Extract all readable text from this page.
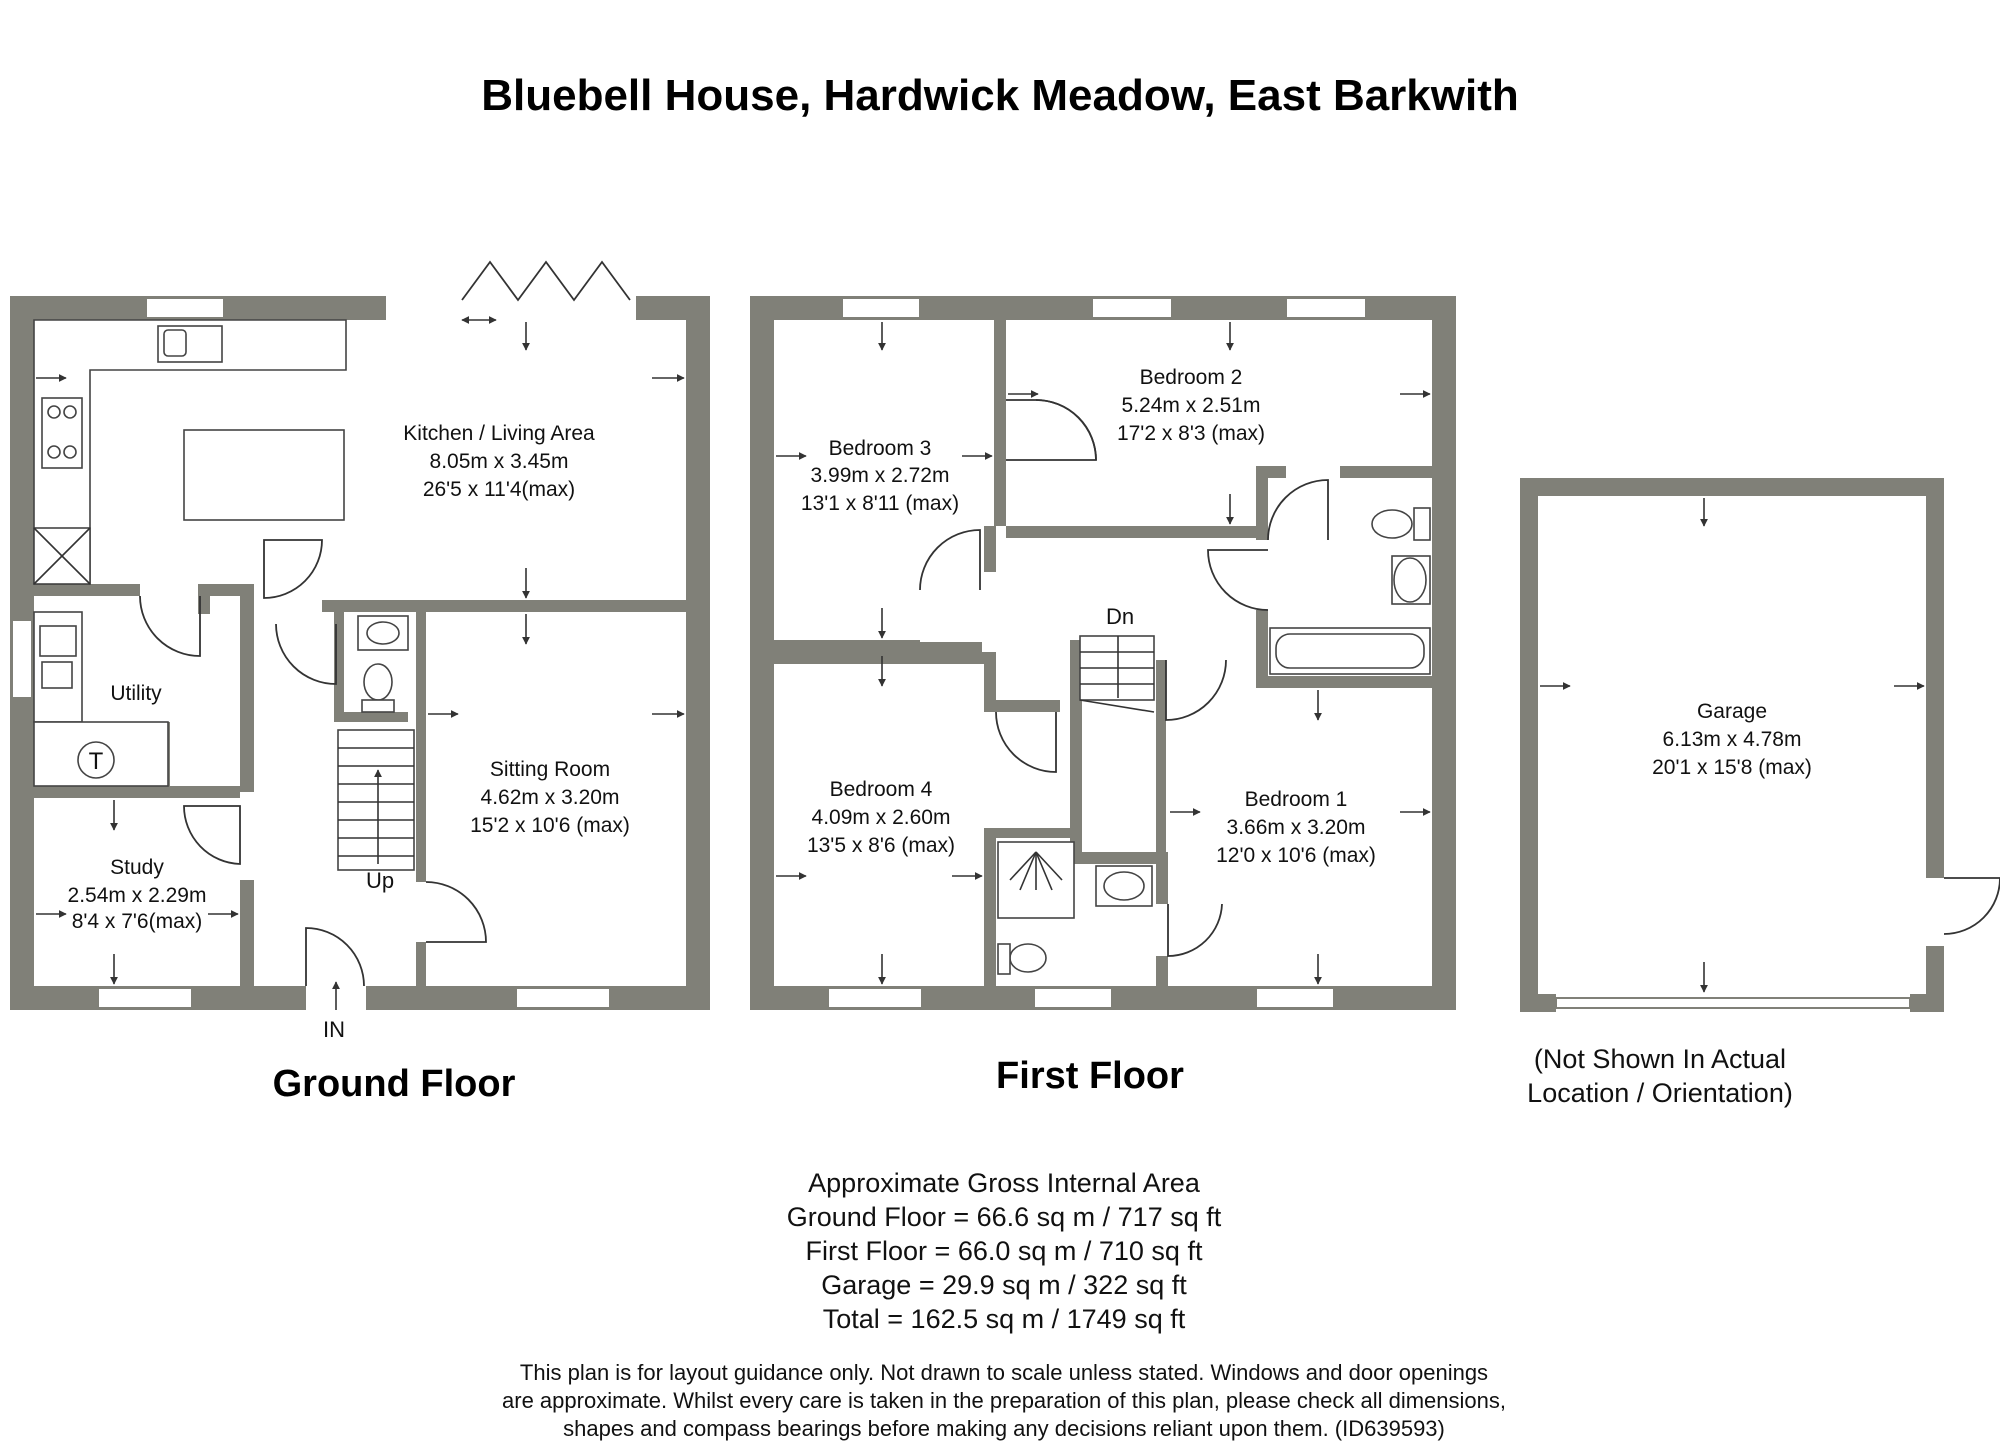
Bluebell House, Hardwick Meadow, East Barkwith
T
Up
IN
Kitchen / Living Area
8.05m x 3.45m
26'5 x 11'4(max)
Utility
Sitting Room
4.62m x 3.20m
15'2 x 10'6 (max)
Study
2.54m x 2.29m
8'4 x 7'6(max)
Ground Floor
Dn
Bedroom 2
5.24m x 2.51m
17'2 x 8'3 (max)
Bedroom 3
3.99m x 2.72m
13'1 x 8'11 (max)
Bedroom 4
4.09m x 2.60m
13'5 x 8'6 (max)
Bedroom 1
3.66m x 3.20m
12'0 x 10'6 (max)
First Floor
Garage
6.13m x 4.78m
20'1 x 15'8 (max)
(Not Shown In Actual
Location / Orientation)
Approximate Gross Internal Area
Ground Floor = 66.6 sq m / 717 sq ft
First Floor = 66.0 sq m / 710 sq ft
Garage = 29.9 sq m / 322 sq ft
Total = 162.5 sq m / 1749 sq ft
This plan is for layout guidance only. Not drawn to scale unless stated. Windows and door openings
are approximate. Whilst every care is taken in the preparation of this plan, please check all dimensions,
shapes and compass bearings before making any decisions reliant upon them. (ID639593)
